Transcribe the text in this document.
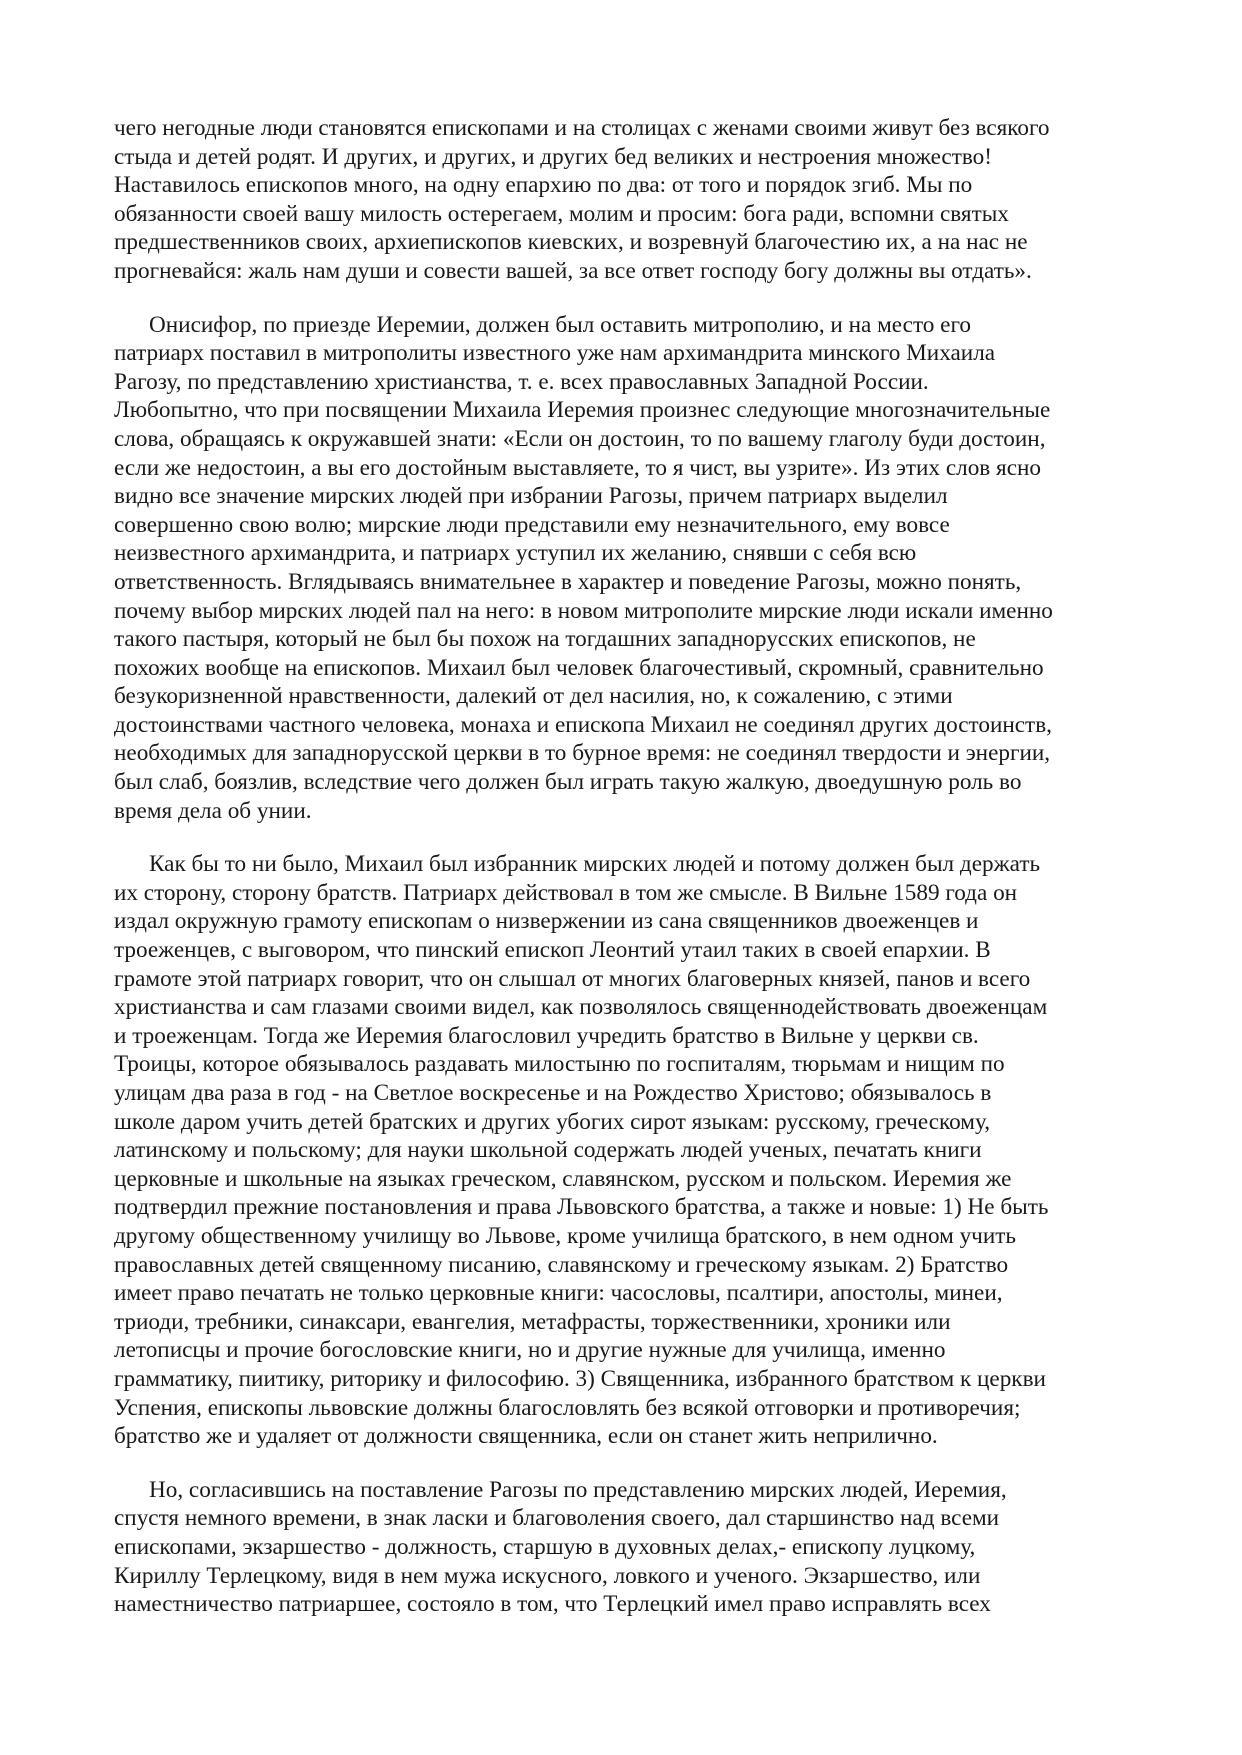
чего негодные люди становятся епископами и на столицах с женами своими живут без всякого
стыда и детей родят. И других, и других, и других бед великих и нестроения множество!
Наставилось епископов много, на одну епархию по два: от того и порядок згиб. Мы по
обязанности своей вашу милость остерегаем, молим и просим: бога ради, вспомни святых
предшественников своих, архиепископов киевских, и возревнуй благочестию их, а на нас не
прогневайся: жаль нам души и совести вашей, за все ответ господу богу должны вы отдать».
Онисифор, по приезде Иеремии, должен был оставить митрополию, и на место его
патриарх поставил в митрополиты известного уже нам архимандрита минского Михаила
Рагозу, по представлению христианства, т. е. всех православных Западной России.
Любопытно, что при посвящении Михаила Иеремия произнес следующие многозначительные
слова, обращаясь к окружавшей знати: «Если он достоин, то по вашему глаголу буди достоин,
если же недостоин, а вы его достойным выставляете, то я чист, вы узрите». Из этих слов ясно
видно все значение мирских людей при избрании Рагозы, причем патриарх выделил
совершенно свою волю; мирские люди представили ему незначительного, ему вовсе
неизвестного архимандрита, и патриарх уступил их желанию, снявши с себя всю
ответственность. Вглядываясь внимательнее в характер и поведение Рагозы, можно понять,
почему выбор мирских людей пал на него: в новом митрополите мирские люди искали именно
такого пастыря, который не был бы похож на тогдашних западнорусских епископов, не
похожих вообще на епископов. Михаил был человек благочестивый, скромный, сравнительно
безукоризненной нравственности, далекий от дел насилия, но, к сожалению, с этими
достоинствами частного человека, монаха и епископа Михаил не соединял других достоинств,
необходимых для западнорусской церкви в то бурное время: не соединял твердости и энергии,
был слаб, боязлив, вследствие чего должен был играть такую жалкую, двоедушную роль во
время дела об унии.
Как бы то ни было, Михаил был избранник мирских людей и потому должен был держать
их сторону, сторону братств. Патриарх действовал в том же смысле. В Вильне 1589 года он
издал окружную грамоту епископам о низвержении из сана священников двоеженцев и
троеженцев, с выговором, что пинский епископ Леонтий утаил таких в своей епархии. В
грамоте этой патриарх говорит, что он слышал от многих благоверных князей, панов и всего
христианства и сам глазами своими видел, как позволялось священнодействовать двоеженцам
и троеженцам. Тогда же Иеремия благословил учредить братство в Вильне у церкви св.
Троицы, которое обязывалось раздавать милостыню по госпиталям, тюрьмам и нищим по
улицам два раза в год - на Светлое воскресенье и на Рождество Христово; обязывалось в
школе даром учить детей братских и других убогих сирот языкам: русскому, греческому,
латинскому и польскому; для науки школьной содержать людей ученых, печатать книги
церковные и школьные на языках греческом, славянском, русском и польском. Иеремия же
подтвердил прежние постановления и права Львовского братства, а также и новые: 1) Не быть
другому общественному училищу во Львове, кроме училища братского, в нем одном учить
православных детей священному писанию, славянскому и греческому языкам. 2) Братство
имеет право печатать не только церковные книги: часословы, псалтири, апостолы, минеи,
триоди, требники, синаксари, евангелия, метафрасты, торжественники, хроники или
летописцы и прочие богословские книги, но и другие нужные для училища, именно
грамматику, пиитику, риторику и философию. 3) Священника, избранного братством к церкви
Успения, епископы львовские должны благословлять без всякой отговорки и противоречия;
братство же и удаляет от должности священника, если он станет жить неприлично.
Но, согласившись на поставление Рагозы по представлению мирских людей, Иеремия,
спустя немного времени, в знак ласки и благоволения своего, дал старшинство над всеми
епископами, экзаршество - должность, старшую в духовных делах,- епископу луцкому,
Кириллу Терлецкому, видя в нем мужа искусного, ловкого и ученого. Экзаршество, или
наместничество патриаршее, состояло в том, что Терлецкий имел право исправлять всех
